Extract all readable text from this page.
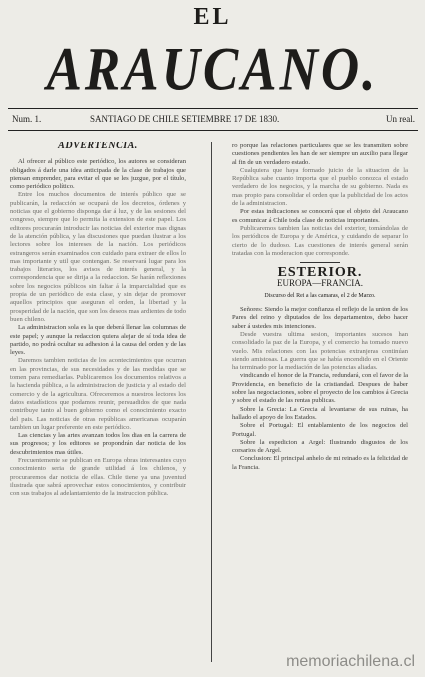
EL
ARAUCANO.
Num. 1.	SANTIAGO DE CHILE SETIEMBRE 17 DE 1830.	Un real.
ADVERTENCIA.

Al ofrecer al público este periódico, los autores se consideran obligados á darle una idea anticipada de la clase de trabajos que piensan emprender, para evitar el que se les juzgue, por el título, como periódico político.

Entre los muchos documentos de interés público que se publicarán, la redacción se ocupará de los decretos, órdenes y noticias que el gobierno disponga dar á luz, y de las sesiones del congreso, siempre que lo permita la extension de este papel. Los editores procurarán introducir las noticias del exterior mas dignas de la atención pública, y las discusiones que puedan ilustrar a los lectores sobre los intereses de la nación. Los periódicos estrangeros serán examinados con cuidado para extraer de ellos lo mas importante y util que contengan. Se reservará lugar para los trabajos literarios, los avisos de interés general, y la correspondencia que se dirija a la redaccion. Se harán reflexiones sobre los negocios públicos sin faltar á la imparcialidad que es propia de un periódico de esta clase, y sin dejar de promover aquellos principios que aseguran el orden, la libertad y la prosperidad de la nación, que son los deseos mas ardientes de todo buen chileno.

La administracion sola es la que deberá llenar las columnas de este papel; y aunque la redaccion quiera alejar de sí toda idea de partido, no podrá ocultar su adhesion á la causa del orden y de las leyes.

Daremos tambien noticias de los acontecimientos que ocurran en las provincias, de sus necesidades y de las medidas que se tomen para remediarlas. Publicaremos los documentos relativos a la hacienda pública, a la administracion de justicia y al estado del comercio y de la agricultura. Ofreceremos a nuestros lectores los datos estadísticos que podamos reunir, persuadidos de que nada contribuye tanto al buen gobierno como el conocimiento exacto del pais. Las noticias de otras repúblicas americanas ocuparán tambien un lugar preferente en este periódico.

Las ciencias y las artes avanzan todos los dias en la carrera de sus progresos; y los editores se propondrán dar noticia de los descubrimientos mas útiles.

Frecuentemente se publican en Europa obras interesantes cuyo conocimiento seria de grande utilidad á los chilenos, y procuraremos dar noticia de ellas. Chile tiene ya una juventud ilustrada que sabrá aprovechar estos conocimientos, y contribuir con sus trabajos al adelantamiento de la instruccion pública.

ro porque las relaciones particulares que se les transmiten sobre cuestiones pendientes les han de ser siempre un auxilio para llegar al fin de un verdadero estado.

Cualquiera que haya formado juicio de la situacion de la República sabe cuanto importa que el pueblo conozca el estado verdadero de los negocios, y la marcha de su gobierno. Nada es mas propio para consolidar el orden que la publicidad de los actos de la administracion.

Por estas indicaciones se conocerá que el objeto del Araucano es comunicar á Chile toda clase de noticias importantes.

Publicaremos tambien las noticias del exterior, tomándolas de los periódicos de Europa y de América, y cuidando de separar lo cierto de lo dudoso. Las cuestiones de interés general serán tratadas con la moderacion que corresponde.

ESTERIOR.
EUROPA—FRANCIA.
Discurso del Rei a las camaras, el 2 de Marzo.

Señores: Siendo la mejor confianza el reflejo de la union de los Pares del reino y diputados de los departamentos, debo hacer saber á ustedes mis intenciones.

Desde vuestra ultima sesion, importantes sucesos han consolidado la paz de la Europa, y el comercio ha tomado nuevo vuelo. Mis relaciones con las potencias extranjeras continúan siendo amistosas. La guerra que se había encendido en el Oriente ha terminado por la mediación de las potencias aliadas.

vindicando el honor de la Francia, redundará, con el favor de la Providencia, en beneficio de la cristiandad. Despues de haber sobre las negociaciones, sobre el proyecto de los cambios á Grecia y sobre el estado de las rentas publicas.

Sobre la Grecia: La Grecia al levantarse de sus ruinas, ha hallado el apoyo de los Estados.

Sobre el Portugal: El entablamiento de los negocios del Portugal.

Sobre la espedicion a Argel: Ilustrando disgustos de los corsarios de Argel.

Conclusion: El principal anhelo de mi reinado es la felicidad de la Francia.

memoriachilena.cl
